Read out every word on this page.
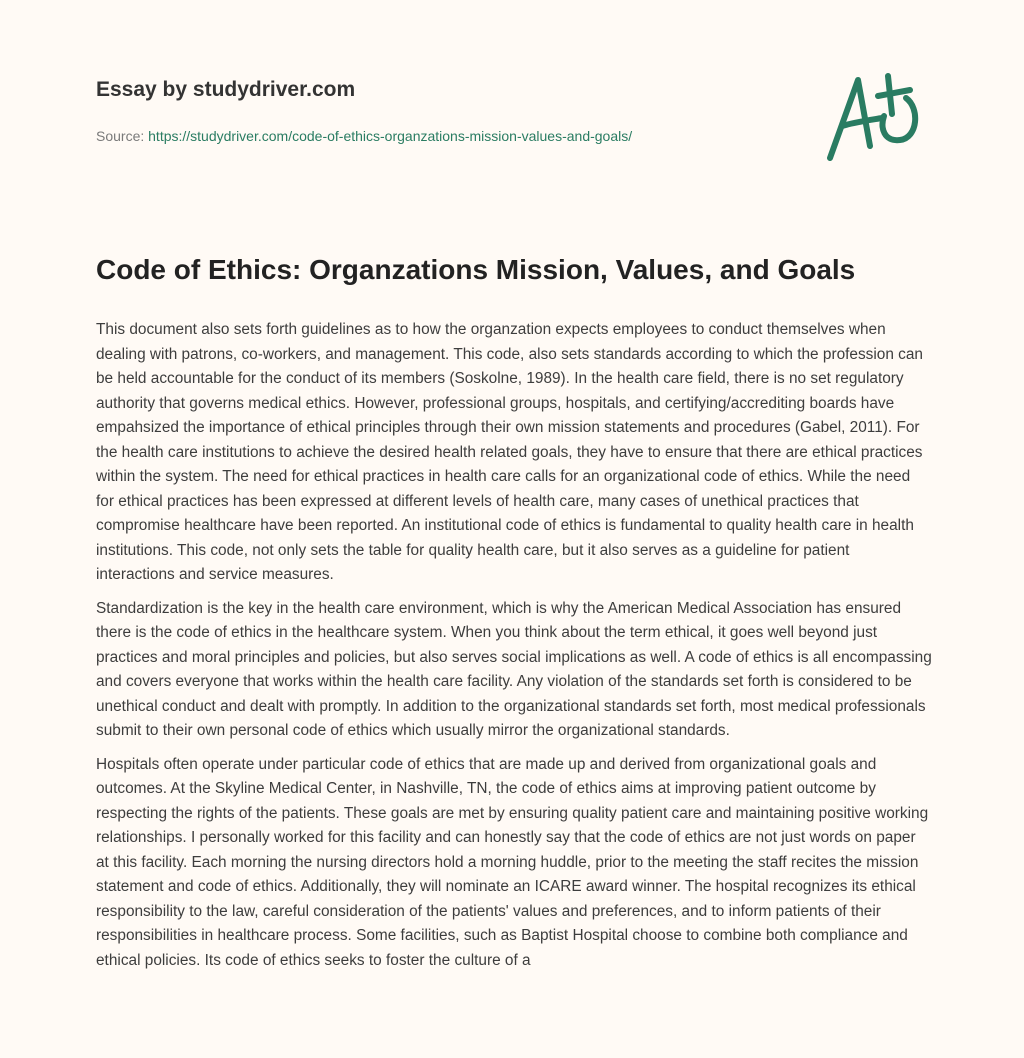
Essay by studydriver.com
Source: https://studydriver.com/code-of-ethics-organzations-mission-values-and-goals/
Code of Ethics: Organzations Mission, Values, and Goals

This document also sets forth guidelines as to how the organzation expects employees to conduct themselves when dealing with patrons, co-workers, and management. This code, also sets standards according to which the profession can be held accountable for the conduct of its members (Soskolne, 1989). In the health care field, there is no set regulatory authority that governs medical ethics. However, professional groups, hospitals, and certifying/accrediting boards have empahsized the importance of ethical principles through their own mission statements and procedures (Gabel, 2011). For the health care institutions to achieve the desired health related goals, they have to ensure that there are ethical practices within the system. The need for ethical practices in health care calls for an organizational code of ethics. While the need for ethical practices has been expressed at different levels of health care, many cases of unethical practices that compromise healthcare have been reported. An institutional code of ethics is fundamental to quality health care in health institutions. This code, not only sets the table for quality health care, but it also serves as a guideline for patient interactions and service measures.

Standardization is the key in the health care environment, which is why the American Medical Association has ensured there is the code of ethics in the healthcare system. When you think about the term ethical, it goes well beyond just practices and moral principles and policies, but also serves social implications as well. A code of ethics is all encompassing and covers everyone that works within the health care facility. Any violation of the standards set forth is considered to be unethical conduct and dealt with promptly. In addition to the organizational standards set forth, most medical professionals submit to their own personal code of ethics which usually mirror the organizational standards.

Hospitals often operate under particular code of ethics that are made up and derived from organizational goals and outcomes. At the Skyline Medical Center, in Nashville, TN, the code of ethics aims at improving patient outcome by respecting the rights of the patients. These goals are met by ensuring quality patient care and maintaining positive working relationships. I personally worked for this facility and can honestly say that the code of ethics are not just words on paper at this facility. Each morning the nursing directors hold a morning huddle, prior to the meeting the staff recites the mission statement and code of ethics. Additionally, they will nominate an ICARE award winner. The hospital recognizes its ethical responsibility to the law, careful consideration of the patients' values and preferences, and to inform patients of their responsibilities in healthcare process. Some facilities, such as Baptist Hospital choose to combine both compliance and ethical policies. Its code of ethics seeks to foster the culture of a
